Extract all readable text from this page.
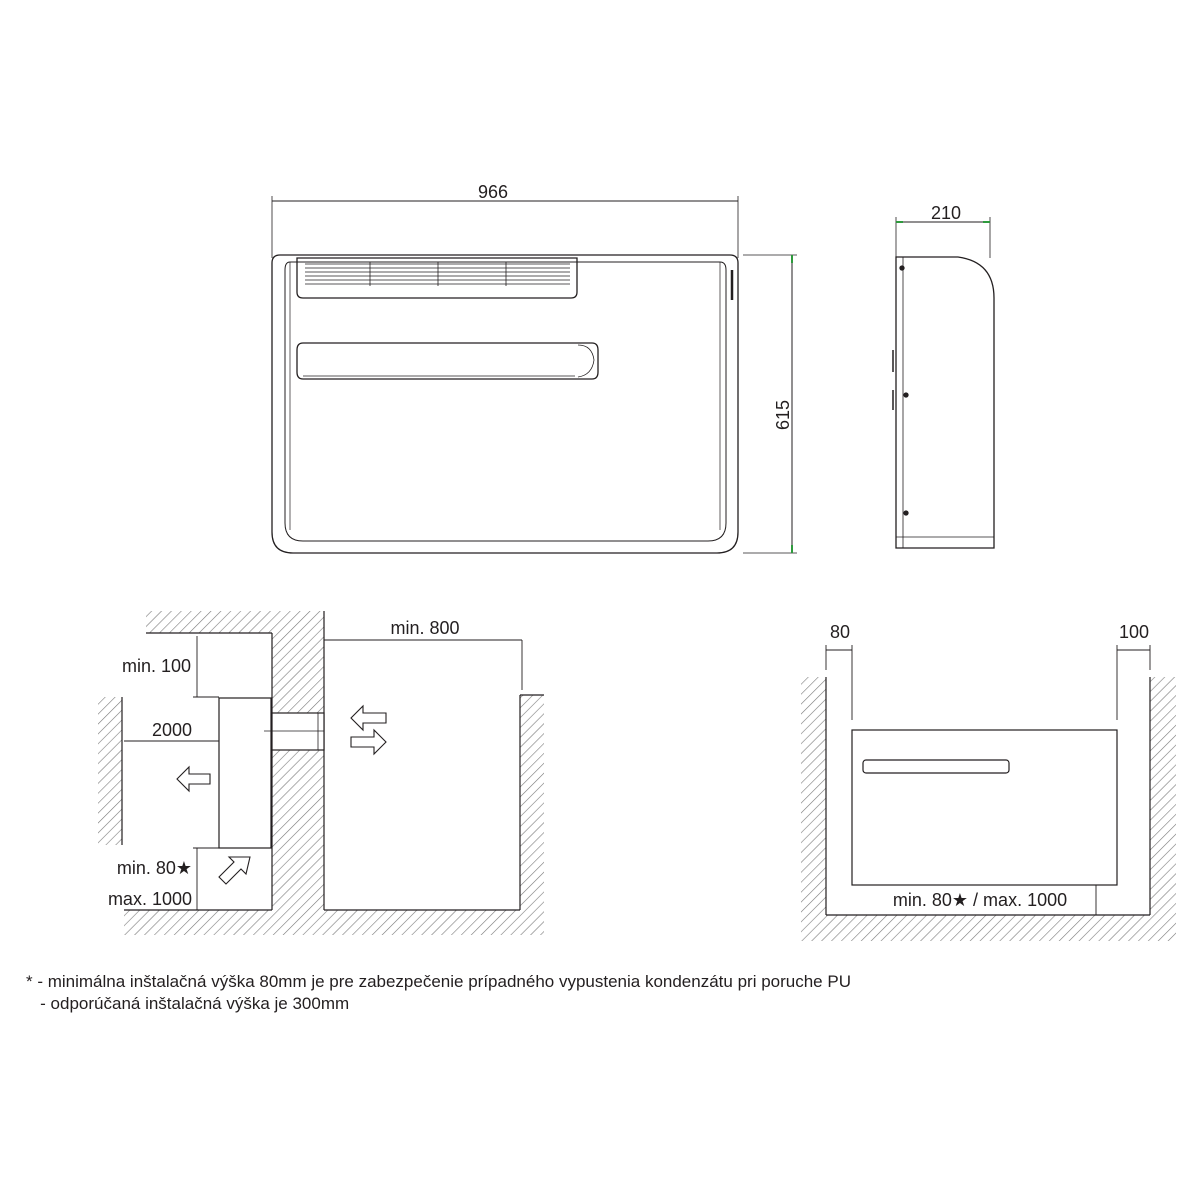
966
615
210
min. 100
2000
min. 800
min. 80★
max. 1000
80	100
min. 80★ / max. 1000
* - minimálna inštalačná výška 80mm je pre zabezpečenie prípadného vypustenia kondenzátu pri poruche PU
- odporúčaná inštalačná výška je 300mm
